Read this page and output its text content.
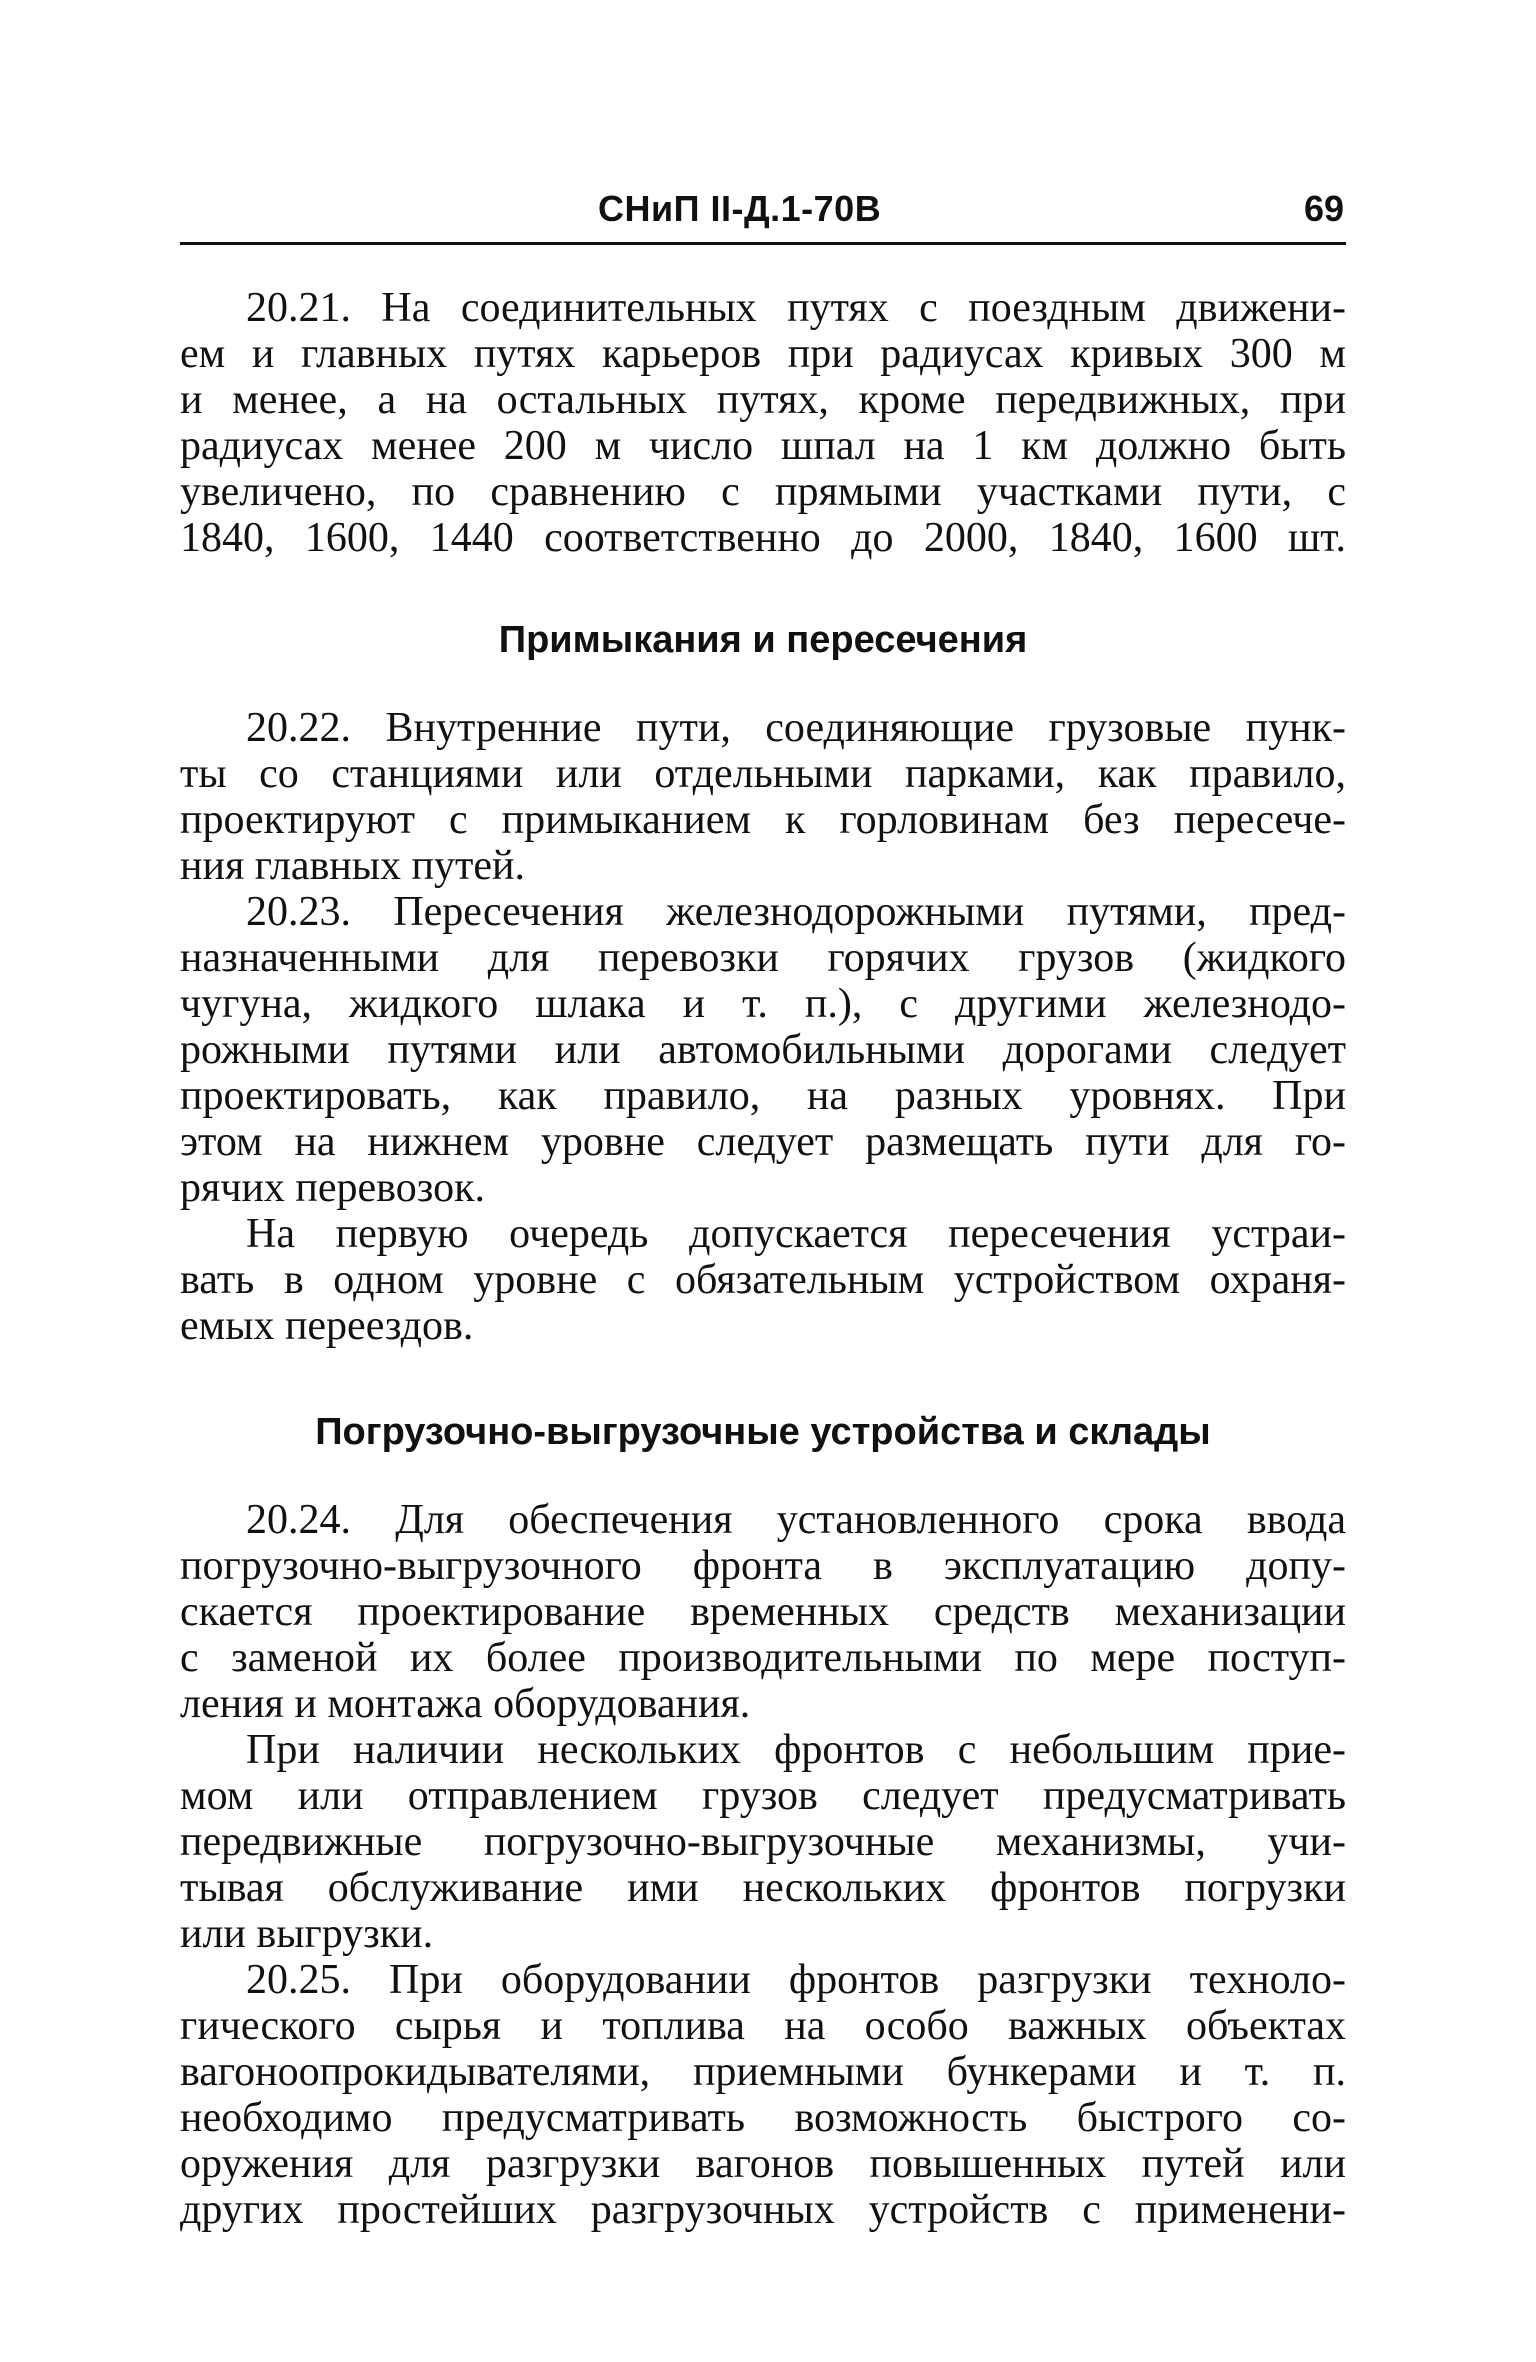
СНиП II-Д.1-70В	69
20.21. На соединительных путях с поездным движени-
ем и главных путях карьеров при радиусах кривых 300 м
и менее, а на остальных путях, кроме передвижных, при
радиусах менее 200 м число шпал на 1 км должно быть
увеличено, по сравнению с прямыми участками пути, с
1840, 1600, 1440 соответственно до 2000, 1840, 1600 шт.
Примыкания и пересечения
20.22. Внутренние пути, соединяющие грузовые пунк-
ты со станциями или отдельными парками, как правило,
проектируют с примыканием к горловинам без пересече-
ния главных путей.
20.23. Пересечения железнодорожными путями, пред-
назначенными для перевозки горячих грузов (жидкого
чугуна, жидкого шлака и т. п.), с другими железнодо-
рожными путями или автомобильными дорогами следует
проектировать, как правило, на разных уровнях. При
этом на нижнем уровне следует размещать пути для го-
рячих перевозок.
На первую очередь допускается пересечения устраи-
вать в одном уровне с обязательным устройством охраня-
емых переездов.
Погрузочно-выгрузочные устройства и склады
20.24. Для обеспечения установленного срока ввода
погрузочно-выгрузочного фронта в эксплуатацию допу-
скается проектирование временных средств механизации
с заменой их более производительными по мере поступ-
ления и монтажа оборудования.
При наличии нескольких фронтов с небольшим прие-
мом или отправлением грузов следует предусматривать
передвижные погрузочно-выгрузочные механизмы, учи-
тывая обслуживание ими нескольких фронтов погрузки
или выгрузки.
20.25. При оборудовании фронтов разгрузки техноло-
гического сырья и топлива на особо важных объектах
вагоноопрокидывателями, приемными бункерами и т. п.
необходимо предусматривать возможность быстрого со-
оружения для разгрузки вагонов повышенных путей или
других простейших разгрузочных устройств с применени-
